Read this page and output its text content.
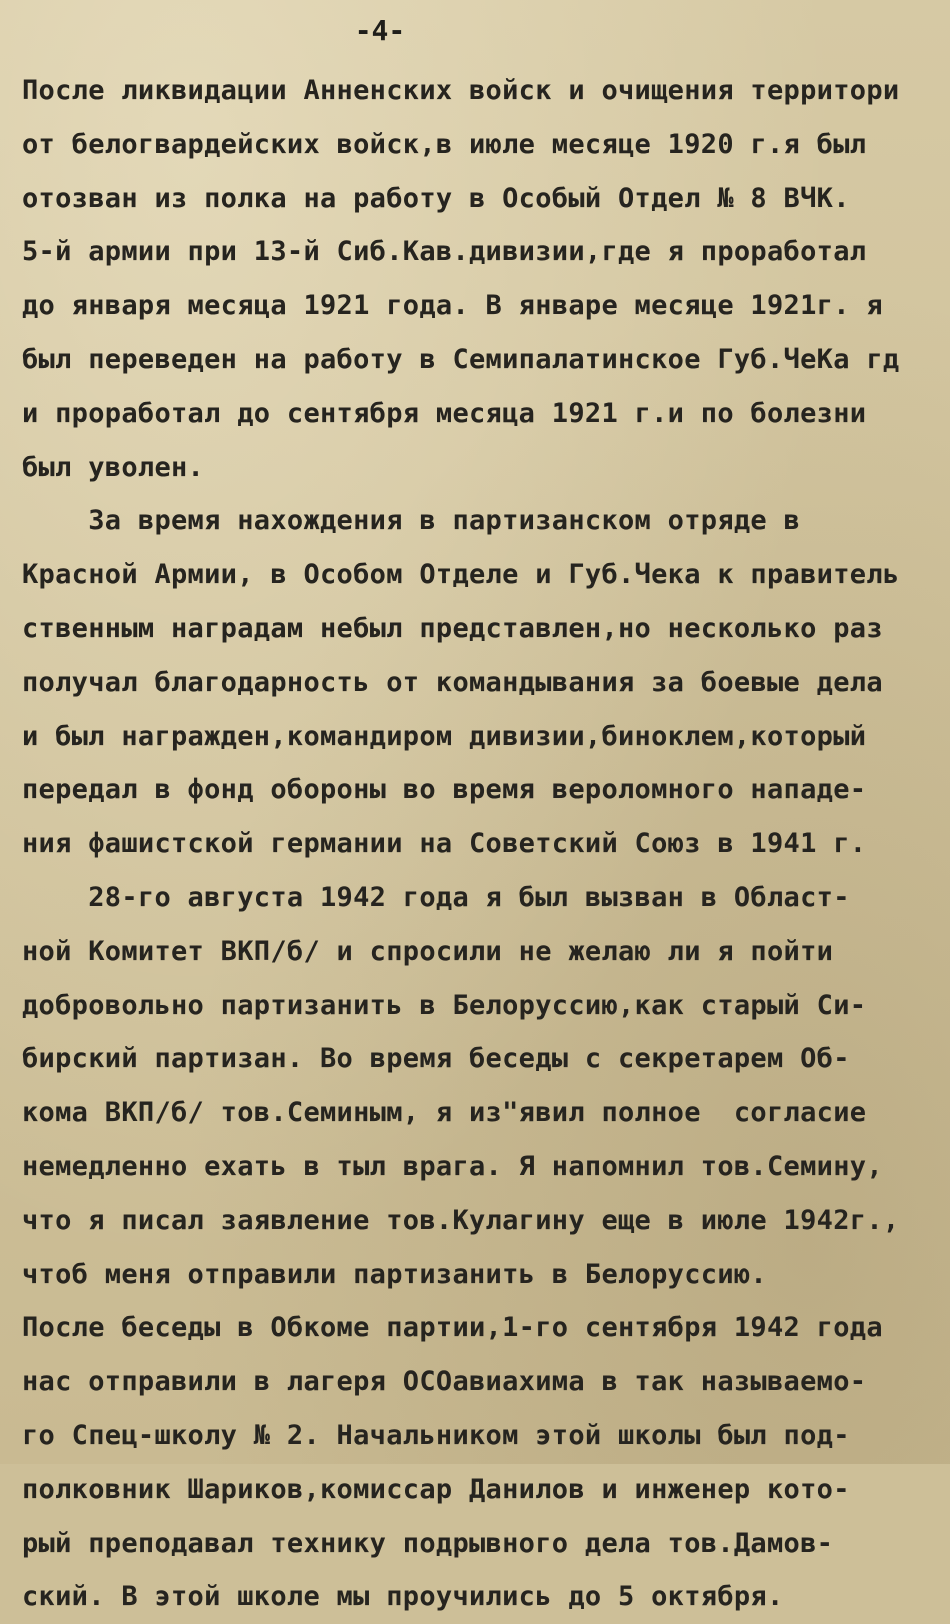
-4-
После ликвидации Анненских войск и очищения территори
от белогвардейских войск,в июле месяце 1920 г.я был
отозван из полка на работу в Особый Отдел № 8 ВЧК.
5-й армии при 13-й Сиб.Кав.дивизии,где я проработал
до января месяца 1921 года. В январе месяце 1921г. я
был переведен на работу в Семипалатинское Губ.ЧеКа гд
и проработал до сентября месяца 1921 г.и по болезни
был уволен.
За время нахождения в партизанском отряде в
Красной Армии, в Особом Отделе и Губ.Чека к правитель
ственным наградам небыл представлен,но несколько раз
получал благодарность от командывания за боевые дела
и был награжден,командиром дивизии,биноклем,который
передал в фонд обороны во время вероломного нападе-
ния фашистской германии на Советский Союз в 1941 г.
28-го августа 1942 года я был вызван в Област-
ной Комитет ВКП/б/ и спросили не желаю ли я пойти
добровольно партизанить в Белоруссию,как старый Си-
бирский партизан. Во время беседы с секретарем Об-
кома ВКП/б/ тов.Семиным, я из"явил полное  согласие
немедленно ехать в тыл врага. Я напомнил тов.Семину,
что я писал заявление тов.Кулагину еще в июле 1942г.,
чтоб меня отправили партизанить в Белоруссию.
После беседы в Обкоме партии,1-го сентября 1942 года
нас отправили в лагеря ОСОавиахима в так называемо-
го Спец-школу № 2. Начальником этой школы был под-
полковник Шариков,комиссар Данилов и инженер кото-
рый преподавал технику подрывного дела тов.Дамов-
ский. В этой школе мы проучились до 5 октября.
